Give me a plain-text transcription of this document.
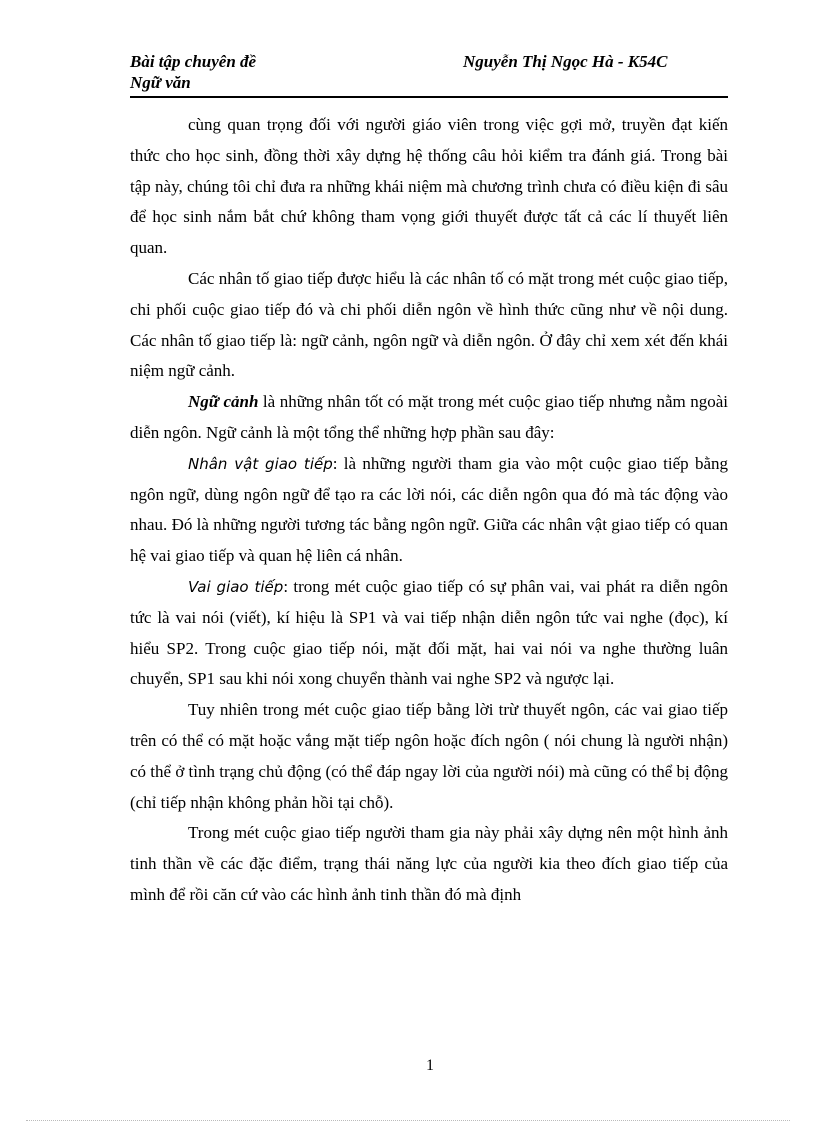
Bài tập chuyên đề
Ngữ văn
Nguyễn Thị Ngọc Hà - K54C

cùng quan trọng đối với người giáo viên trong việc gợi mở, truyền đạt kiến thức cho học sinh, đồng thời xây dựng hệ thống câu hỏi kiểm tra đánh giá. Trong bài tập này, chúng tôi chỉ đưa ra những khái niệm mà chương trình chưa có điều kiện đi sâu để học sinh nắm bắt chứ không tham vọng giới thuyết được tất cả các lí thuyết liên quan.

Các nhân tố giao tiếp được hiểu là các nhân tố có mặt trong mét cuộc giao tiếp, chi phối cuộc giao tiếp đó và chi phối diễn ngôn về hình thức cũng như về nội dung. Các nhân tố giao tiếp là: ngữ cảnh, ngôn ngữ và diễn ngôn. Ở đây chỉ xem xét đến khái niệm ngữ cảnh.

Ngữ cảnh là những nhân tốt có mặt trong mét cuộc giao tiếp nhưng nằm ngoài diễn ngôn. Ngữ cảnh là một tổng thể những hợp phần sau đây:

Nhân vật giao tiếp: là những người tham gia vào một cuộc giao tiếp bằng ngôn ngữ, dùng ngôn ngữ để tạo ra các lời nói, các diễn ngôn qua đó mà tác động vào nhau. Đó là những người tương tác bằng ngôn ngữ. Giữa các nhân vật giao tiếp có quan hệ vai giao tiếp và quan hệ liên cá nhân.

Vai giao tiếp: trong mét cuộc giao tiếp có sự phân vai, vai phát ra diễn ngôn tức là vai nói (viết), kí hiệu là SP1 và vai tiếp nhận diễn ngôn tức vai nghe (đọc), kí hiểu SP2. Trong cuộc giao tiếp nói, mặt đối mặt, hai vai nói va nghe thường luân chuyển, SP1 sau khi nói xong chuyển thành vai nghe SP2 và ngược lại.

Tuy nhiên trong mét cuộc giao tiếp bằng lời trừ thuyết ngôn, các vai giao tiếp trên có thể có mặt hoặc vắng mặt tiếp ngôn hoặc đích ngôn ( nói chung là người nhận) có thể ở tình trạng chủ động (có thể đáp ngay lời của người nói) mà cũng có thể bị động (chỉ tiếp nhận không phản hồi tại chỗ).

Trong mét cuộc giao tiếp người tham gia này phải xây dựng nên một hình ảnh tinh thần về các đặc điểm, trạng thái năng lực của người kia theo đích giao tiếp của mình để rồi căn cứ vào các hình ảnh tinh thần đó mà định

1
